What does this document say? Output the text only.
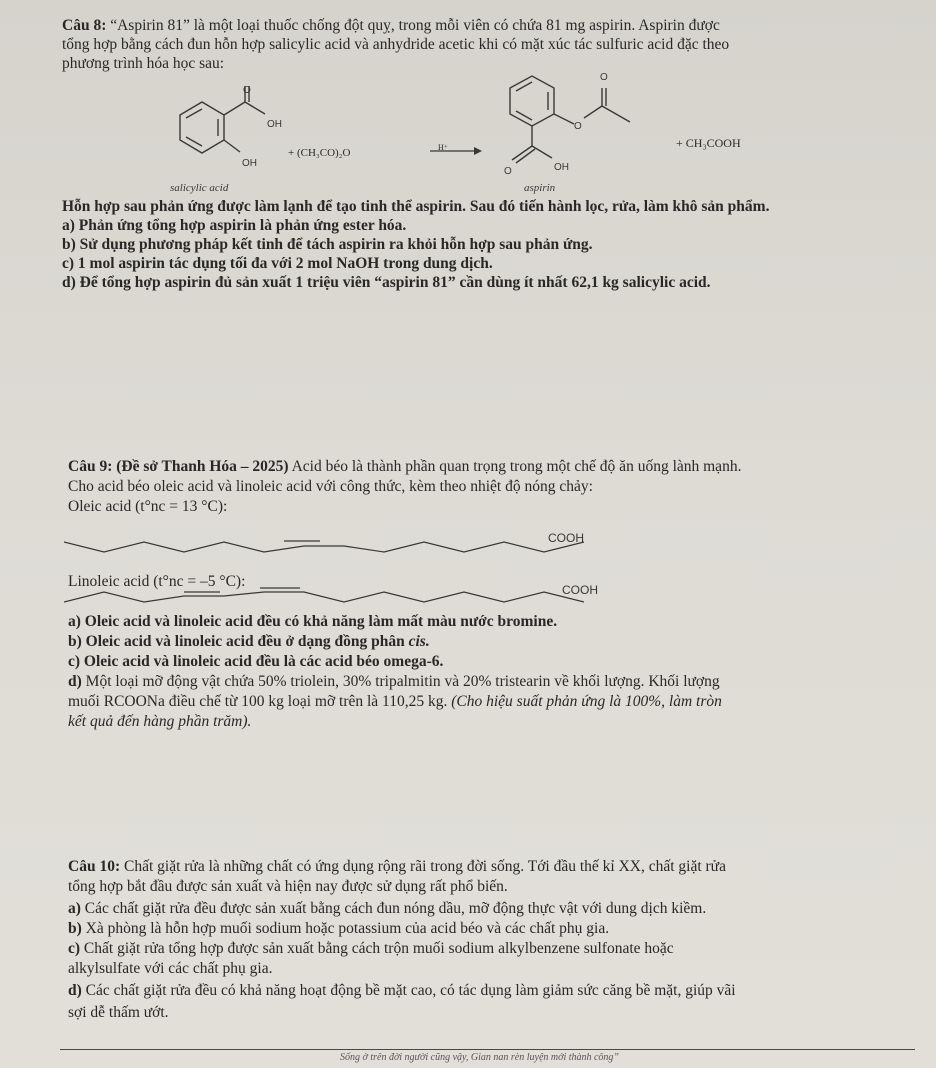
Câu 8: “Aspirin 81” là một loại thuốc chống đột quỵ, trong mỗi viên có chứa 81 mg aspirin. Aspirin được
tổng hợp bằng cách đun hỗn hợp salicylic acid và anhydride acetic khi có mặt xúc tác sulfuric acid đặc theo
phương trình hóa học sau:
O
OH
OH
+ (CH₃CO)₂O	H⁺
O
O
O	OH
+ CH₃COOH
salicylic acid	aspirin
Hỗn hợp sau phản ứng được làm lạnh để tạo tinh thể aspirin. Sau đó tiến hành lọc, rửa, làm khô sản phẩm.
a) Phản ứng tổng hợp aspirin là phản ứng ester hóa.
b) Sử dụng phương pháp kết tinh để tách aspirin ra khỏi hỗn hợp sau phản ứng.
c) 1 mol aspirin tác dụng tối đa với 2 mol NaOH trong dung dịch.
d) Để tổng hợp aspirin đủ sản xuất 1 triệu viên “aspirin 81” cần dùng ít nhất 62,1 kg salicylic acid.
Câu 9: (Đề sở Thanh Hóa – 2025) Acid béo là thành phần quan trọng trong một chế độ ăn uống lành mạnh.
Cho acid béo oleic acid và linoleic acid với công thức, kèm theo nhiệt độ nóng chảy:
Oleic acid (t°nc = 13 °C):
COOH
COOH
Linoleic acid (t°nc = –5 °C):
a) Oleic acid và linoleic acid đều có khả năng làm mất màu nước bromine.
b) Oleic acid và linoleic acid đều ở dạng đồng phân cis.
c) Oleic acid và linoleic acid đều là các acid béo omega-6.
d) Một loại mỡ động vật chứa 50% triolein, 30% tripalmitin và 20% tristearin về khối lượng. Khối lượng
muối RCOONa điều chế từ 100 kg loại mỡ trên là 110,25 kg. (Cho hiệu suất phản ứng là 100%, làm tròn
kết quả đến hàng phần trăm).
Câu 10: Chất giặt rửa là những chất có ứng dụng rộng rãi trong đời sống. Tới đầu thế kỉ XX, chất giặt rửa
tổng hợp bắt đầu được sản xuất và hiện nay được sử dụng rất phổ biến.
a) Các chất giặt rửa đều được sản xuất bằng cách đun nóng dầu, mỡ động thực vật với dung dịch kiềm.
b) Xà phòng là hỗn hợp muối sodium hoặc potassium của acid béo và các chất phụ gia.
c) Chất giặt rửa tổng hợp được sản xuất bằng cách trộn muối sodium alkylbenzene sulfonate hoặc
alkylsulfate với các chất phụ gia.
d) Các chất giặt rửa đều có khả năng hoạt động bề mặt cao, có tác dụng làm giảm sức căng bề mặt, giúp vãi
sợi dễ thấm ướt.
Sống ở trên đời người cũng vậy, Gian nan rèn luyện mới thành công”
